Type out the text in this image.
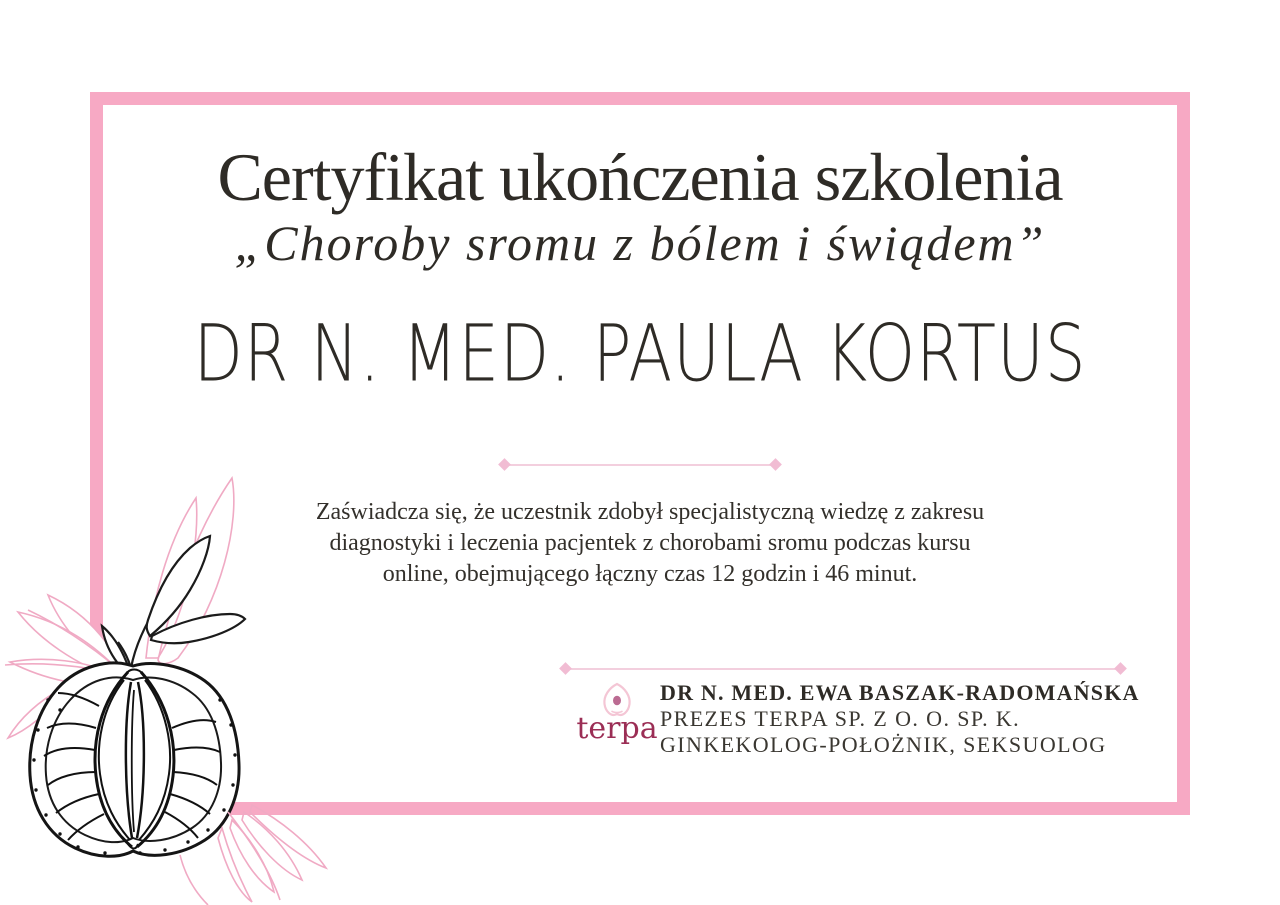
Certyfikat ukończenia szkolenia
„Choroby sromu z bólem i świądem”
DR N. MED. PAULA KORTUS
Zaświadcza się, że uczestnik zdobył specjalistyczną wiedzę z zakresu
diagnostyki i leczenia pacjentek z chorobami sromu podczas kursu
online, obejmującego łączny czas 12 godzin i 46 minut.
terpa
DR N. MED. EWA BASZAK-RADOMAŃSKA
PREZES TERPA SP. Z O. O. SP. K.
GINKEKOLOG-POŁOŻNIK, SEKSUOLOG
